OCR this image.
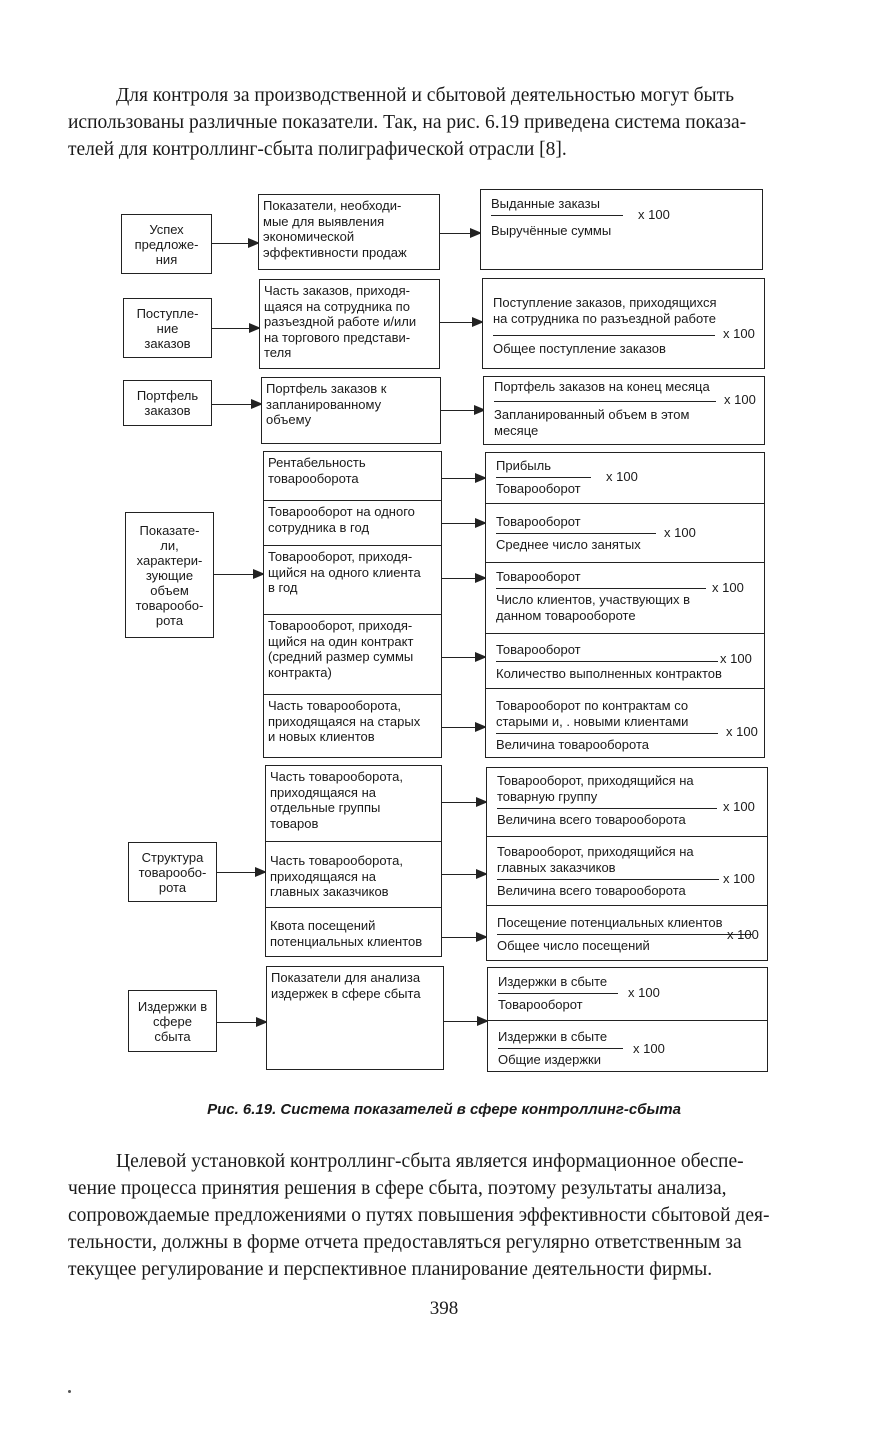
Для контроля за производственной и сбытовой деятельностью могут быть
использованы различные показатели. Так, на рис. 6.19 приведена система показа-
телей для контроллинг-сбыта полиграфической отрасли [8].
Успех
предложе-
ния
Поступле-
ние
заказов
Портфель
заказов
Показате-
ли,
характери-
зующие
объем
товарообо-
рота
Структура
товарообо-
рота
Издержки в
сфере
сбыта
Показатели, необходи-
мые для выявления
экономической
эффективности продаж
Часть заказов, приходя-
щаяся на сотрудника по
разъездной работе и/или
на торгового представи-
теля
Портфель заказов к
запланированному
объему
Рентабельность
товарооборота
Товарооборот на одного
сотрудника в год
Товарооборот, приходя-
щийся на одного клиента
в год
Товарооборот, приходя-
щийся на один контракт
(средний размер суммы
контракта)
Часть товарооборота,
приходящаяся на старых
и новых клиентов
Часть товарооборота,
приходящаяся на
отдельные группы
товаров
Часть товарооборота,
приходящаяся на
главных заказчиков
Квота посещений
потенциальных клиентов
Показатели для анализа
издержек в сфере сбыта
Выданные заказы
Выручённые суммы
x 100
Поступление заказов, приходящихся
на сотрудника по разъездной работе
Общее поступление заказов
x 100
Портфель заказов на конец месяца
Запланированный объем в этом
месяце
x 100
Прибыль
Товарооборот
x 100
Товарооборот
Среднее число занятых
x 100
Товарооборот
Число клиентов, участвующих в
данном товарообороте
x 100
Товарооборот
Количество выполненных контрактов
x 100
Товарооборот по контрактам со
старыми и, . новыми клиентами
Величина товарооборота
x 100
Товарооборот, приходящийся на
товарную группу
Величина всего товарооборота
x 100
Товарооборот, приходящийся на
главных заказчиков
Величина всего товарооборота
x 100
Посещение потенциальных клиентов
Общее число посещений
x 100
Издержки в сбыте
Товарооборот
x 100
Издержки в сбыте
Общие издержки
x 100
Рис. 6.19. Система показателей в сфере контроллинг-сбыта
Целевой установкой контроллинг-сбыта является информационное обеспе-
чение процесса принятия решения в сфере сбыта, поэтому результаты анализа,
сопровождаемые предложениями о путях повышения эффективности сбытовой дея-
тельности, должны в форме отчета предоставляться регулярно ответственным за
текущее регулирование и перспективное планирование деятельности фирмы.
398
